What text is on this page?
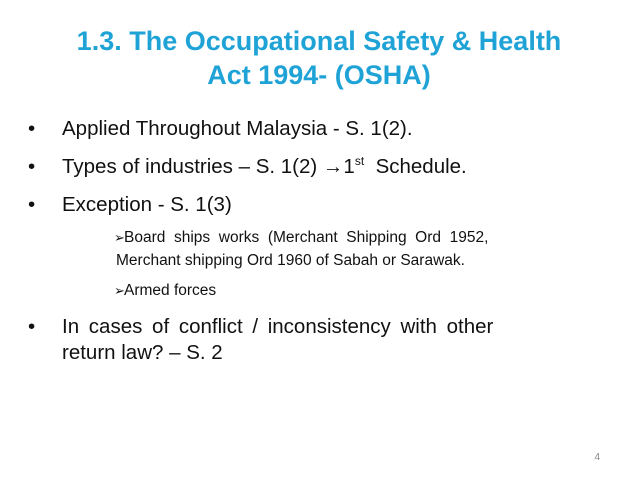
1.3. The Occupational Safety & Health
Act 1994- (OSHA)
•	Applied Throughout Malaysia - S. 1(2).
•	Types of industries – S. 1(2) →1st  Schedule.
•	Exception - S. 1(3)
➢Board  ships  works  (Merchant  Shipping  Ord  1952,
Merchant shipping Ord 1960 of Sabah or Sarawak.
➢Armed forces
•	In cases of conflict / inconsistency with other
return law? – S. 2
4
